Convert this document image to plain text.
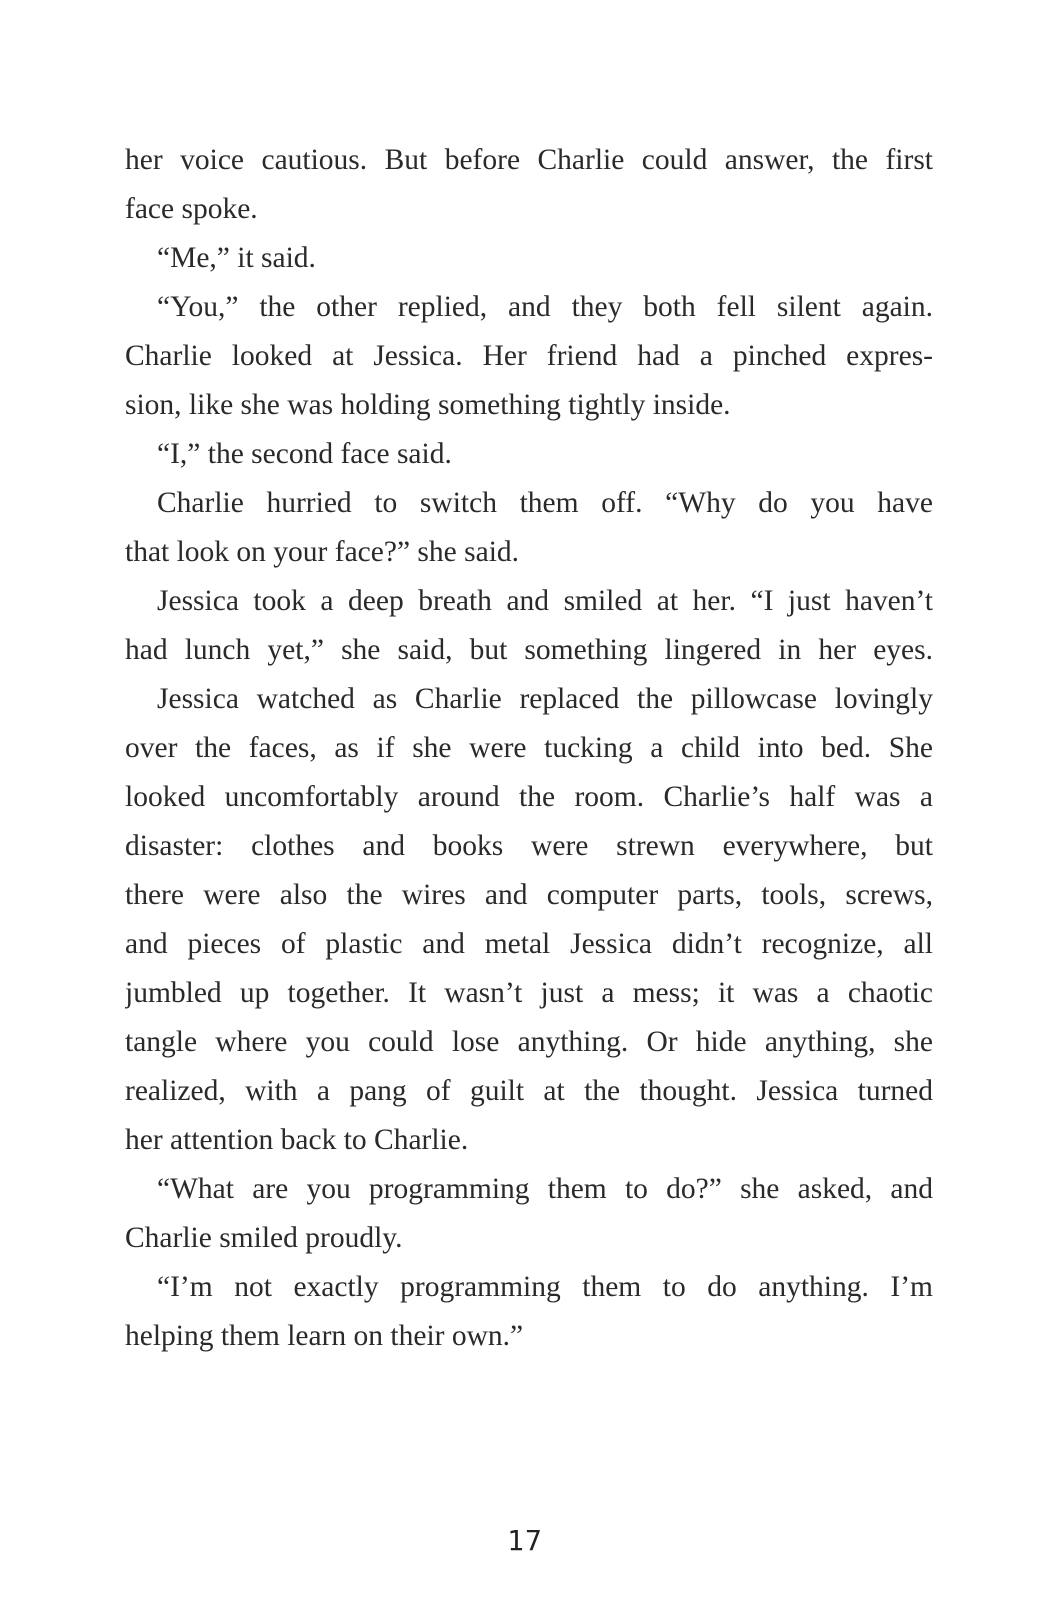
her voice cautious. But before Charlie could answer, the first
face spoke.
“Me,” it said.
“You,” the other replied, and they both fell silent again.
Charlie looked at Jessica. Her friend had a pinched expres-
sion, like she was holding something tightly inside.
“I,” the second face said.
Charlie hurried to switch them off. “Why do you have
that look on your face?” she said.
Jessica took a deep breath and smiled at her. “I just haven’t
had lunch yet,” she said, but something lingered in her eyes.
Jessica watched as Charlie replaced the pillowcase lovingly
over the faces, as if she were tucking a child into bed. She
looked uncomfortably around the room. Charlie’s half was a
disaster: clothes and books were strewn everywhere, but
there were also the wires and computer parts, tools, screws,
and pieces of plastic and metal Jessica didn’t recognize, all
jumbled up together. It wasn’t just a mess; it was a chaotic
tangle where you could lose anything. Or hide anything, she
realized, with a pang of guilt at the thought. Jessica turned
her attention back to Charlie.
“What are you programming them to do?” she asked, and
Charlie smiled proudly.
“I’m not exactly programming them to do anything. I’m
helping them learn on their own.”
17
